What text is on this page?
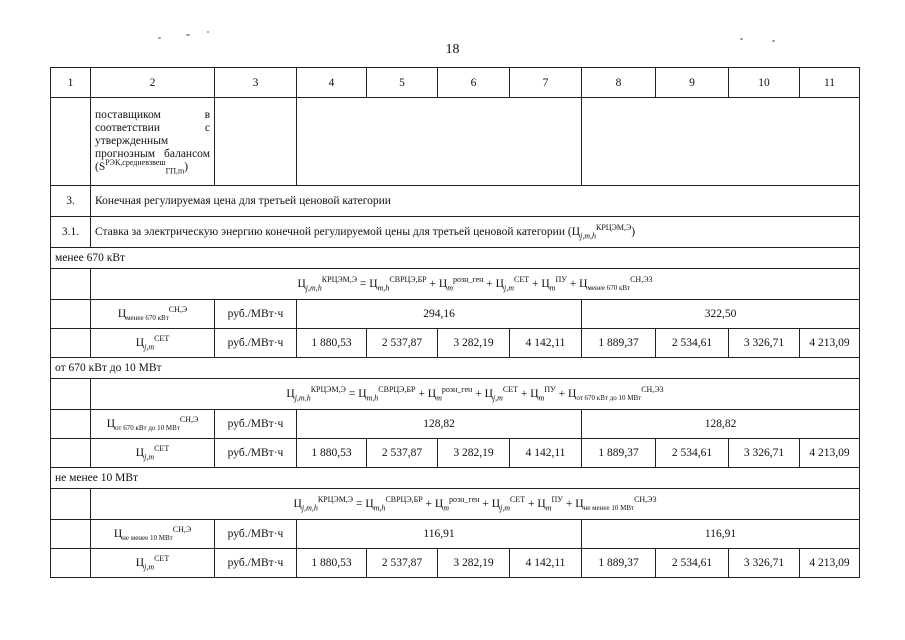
18
1	2	3	4	5	6	7	8	9	10	11

	поставщиком в соответствии с утвержденным прогнозным балансом $(S^{РЭК,средневзвеш}_{ГП,m})$									

3.	Конечная регулируемая цена для третьей ценовой категории									
3.1.	Ставка за электрическую энергию конечной регулируемой цены для третьей ценовой категории $(Ц_{j,m,h}^{КРЦЭМ,Э})$									
менее 670 кВт										
	$Ц_{j,m,h}^{КРЦЭМ,Э} = Ц_{m,h}^{СВРЦЭ,БР} + Ц_m^{розн\_ген} + Ц_{j,m}^{СЕТ} + Ц_m^{ПУ} + Ц_{менее 670 кВт}^{СН,Э3}$
	$Ц_{менее 670 кВт}^{СН,Э}$	руб./МВт·ч	294,16				322,50			
	$Ц_{j,m}^{СЕТ}$	руб./МВт·ч	1 880,53	2 537,87	3 282,19	4 142,11	1 889,37	2 534,61	3 326,71	4 213,09
от 670 кВт до 10 МВт										
	$Ц_{j,m,h}^{КРЦЭМ,Э} = Ц_{m,h}^{СВРЦЭ,БР} + Ц_m^{розн\_ген} + Ц_{j,m}^{СЕТ} + Ц_m^{ПУ} + Ц_{от 670 кВт до 10 МВт}^{СН,Э3}$
	$Ц_{от 670 кВт до 10 МВт}^{СН,Э}$	руб./МВт·ч	128,82				128,82			
	$Ц_{j,m}^{СЕТ}$	руб./МВт·ч	1 880,53	2 537,87	3 282,19	4 142,11	1 889,37	2 534,61	3 326,71	4 213,09
не менее 10 МВт										
	$Ц_{j,m,h}^{КРЦЭМ,Э} = Ц_{m,h}^{СВРЦЭ,БР} + Ц_m^{розн\_ген} + Ц_{j,m}^{СЕТ} + Ц_m^{ПУ} + Ц_{не менее 10 МВт}^{СН,Э3}$
	$Ц_{не менее 10 МВт}^{СН,Э}$	руб./МВт·ч	116,91				116,91			
	$Ц_{j,m}^{СЕТ}$	руб./МВт·ч	1 880,53	2 537,87	3 282,19	4 142,11	1 889,37	2 534,61	3 326,71	4 213,09
